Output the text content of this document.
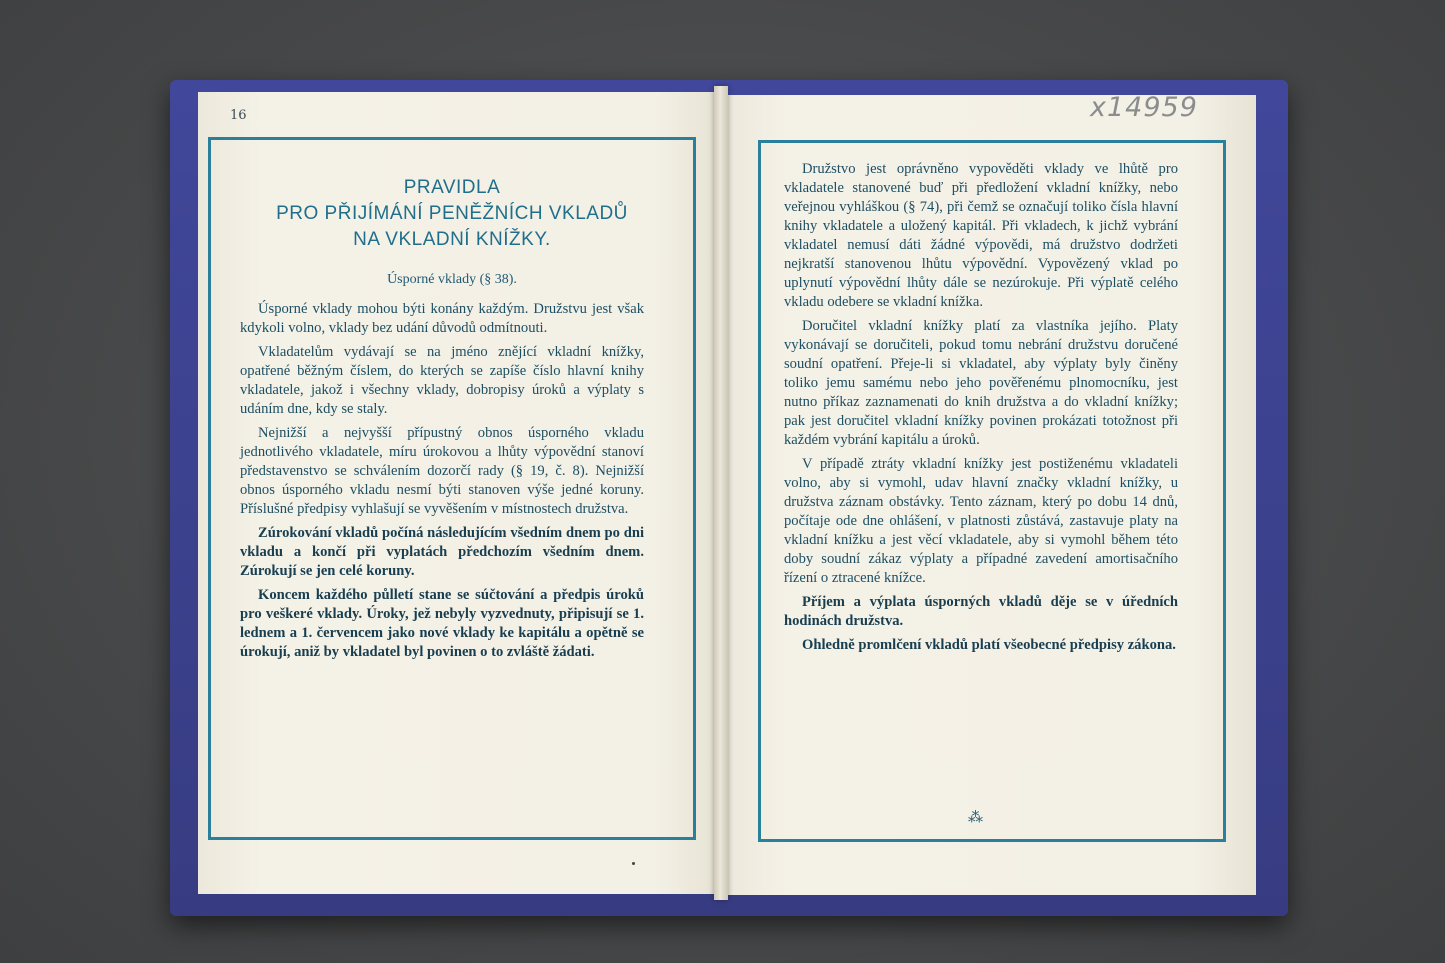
16	x14959
PRAVIDLA
PRO PŘIJÍMÁNÍ PENĚŽNÍCH VKLADŮ
NA VKLADNÍ KNÍŽKY.
Úsporné vklady (§ 38).

Úsporné vklady mohou býti konány každým. Družstvu jest však kdykoli volno, vklady bez udání důvodů odmítnouti.

Vkladatelům vydávají se na jméno znějící vkladní knížky, opatřené běžným číslem, do kterých se zapíše číslo hlavní knihy vkladatele, jakož i všechny vklady, dobropisy úroků a výplaty s udáním dne, kdy se staly.

Nejnižší a nejvyšší přípustný obnos úsporného vkladu jednotlivého vkladatele, míru úrokovou a lhůty výpovědní stanoví představenstvo se schválením dozorčí rady (§ 19, č. 8). Nejnižší obnos úsporného vkladu nesmí býti stanoven výše jedné koruny. Příslušné předpisy vyhlašují se vyvěšením v místnostech družstva.

Zúrokování vkladů počíná následujícím všedním dnem po dni vkladu a končí při vyplatách předchozím všedním dnem. Zúrokují se jen celé koruny.

Koncem každého půlletí stane se súčtování a předpis úroků pro veškeré vklady. Úroky, jež nebyly vyzvednuty, připisují se 1. lednem a 1. červencem jako nové vklady ke kapitálu a opětně se úrokují, aniž by vkladatel byl povinen o to zvláště žádati.

Družstvo jest oprávněno vypověděti vklady ve lhůtě pro vkladatele stanovené buď při předložení vkladní knížky, nebo veřejnou vyhláškou (§ 74), při čemž se označují toliko čísla hlavní knihy vkladatele a uložený kapitál. Při vkladech, k jichž vybrání vkladatel nemusí dáti žádné výpovědi, má družstvo dodržeti nejkratší stanovenou lhůtu výpovědní. Vypovězený vklad po uplynutí výpovědní lhůty dále se nezúrokuje. Při výplatě celého vkladu odebere se vkladní knížka.

Doručitel vkladní knížky platí za vlastníka jejího. Platy vykonávají se doručiteli, pokud tomu nebrání družstvu doručené soudní opatření. Přeje-li si vkladatel, aby výplaty byly činěny toliko jemu samému nebo jeho pověřenému plnomocníku, jest nutno příkaz zaznamenati do knih družstva a do vkladní knížky; pak jest doručitel vkladní knížky povinen prokázati totožnost při každém vybrání kapitálu a úroků.

V případě ztráty vkladní knížky jest postiženému vkladateli volno, aby si vymohl, udav hlavní značky vkladní knížky, u družstva záznam obstávky. Tento záznam, který po dobu 14 dnů, počítaje ode dne ohlášení, v platnosti zůstává, zastavuje platy na vkladní knížku a jest věcí vkladatele, aby si vymohl během této doby soudní zákaz výplaty a případné zavedení amortisačního řízení o ztracené knížce.

Příjem a výplata úsporných vkladů děje se v úředních hodinách družstva.

Ohledně promlčení vkladů platí všeobecné předpisy zákona.

⁂
